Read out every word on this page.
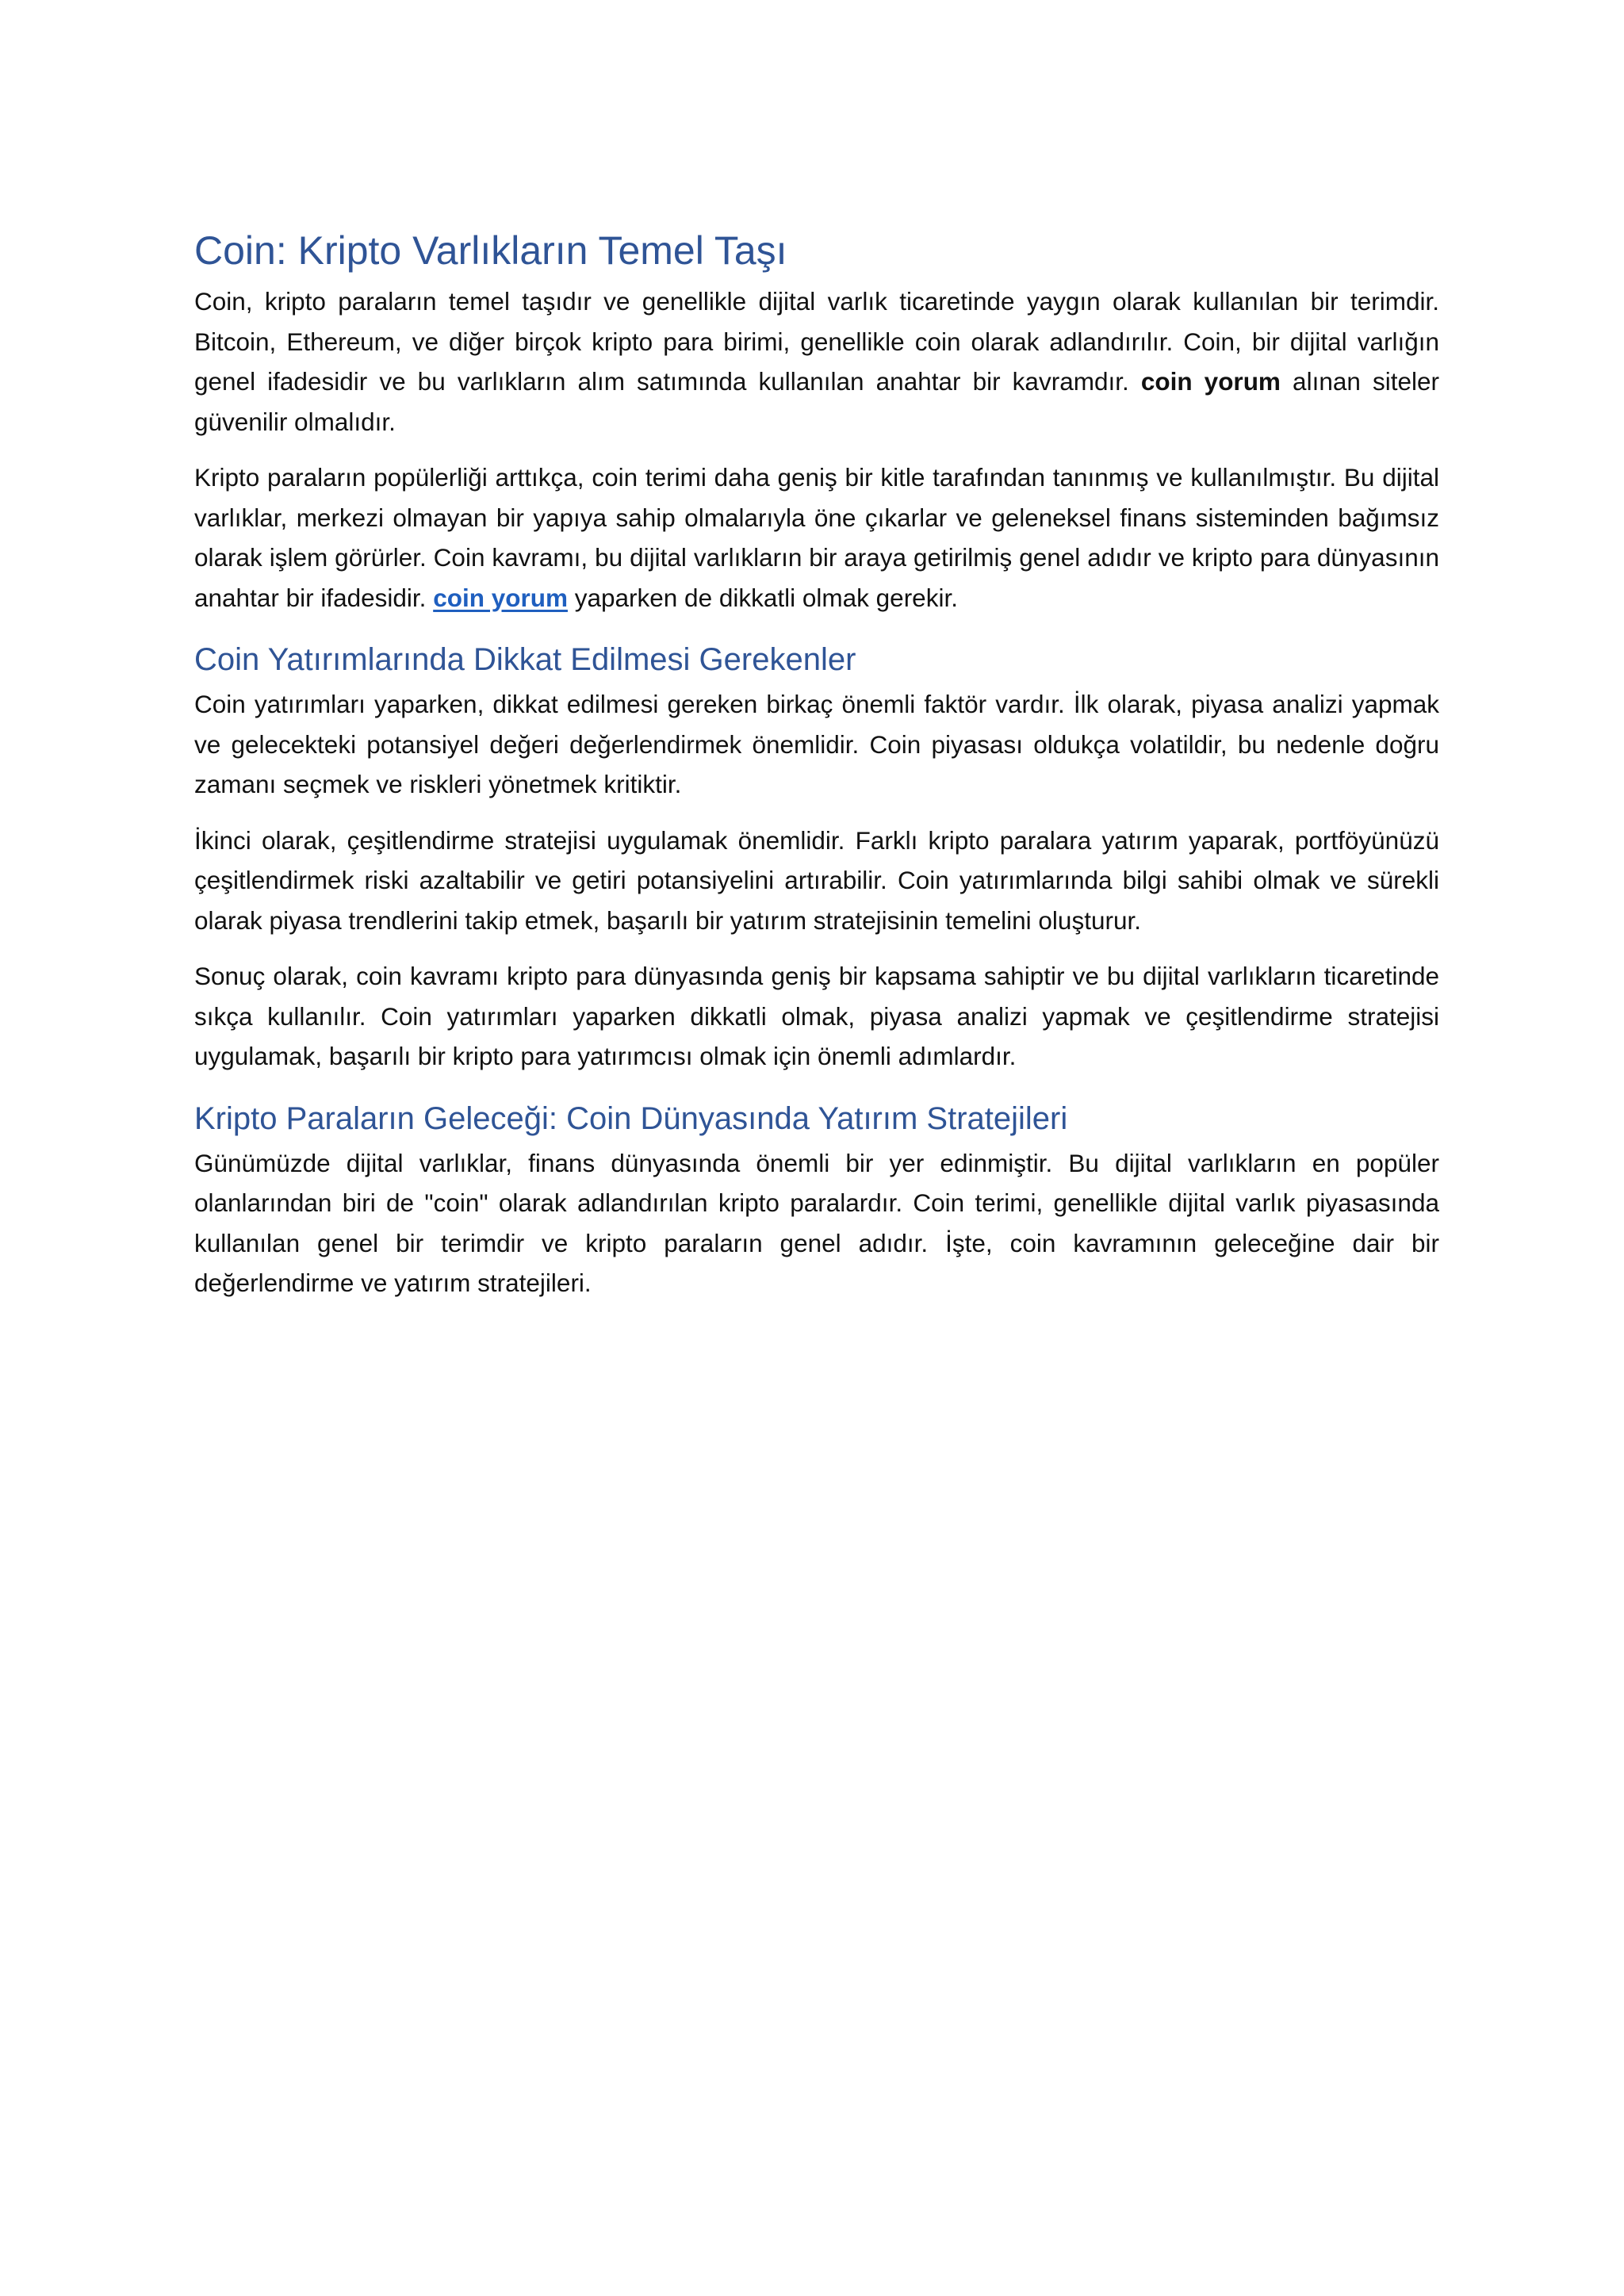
Coin: Kripto Varlıkların Temel Taşı

Coin, kripto paraların temel taşıdır ve genellikle dijital varlık ticaretinde yaygın olarak kullanılan bir terimdir. Bitcoin, Ethereum, ve diğer birçok kripto para birimi, genellikle coin olarak adlandırılır. Coin, bir dijital varlığın genel ifadesidir ve bu varlıkların alım satımında kullanılan anahtar bir kavramdır. coin yorum alınan siteler güvenilir olmalıdır.

Kripto paraların popülerliği arttıkça, coin terimi daha geniş bir kitle tarafından tanınmış ve kullanılmıştır. Bu dijital varlıklar, merkezi olmayan bir yapıya sahip olmalarıyla öne çıkarlar ve geleneksel finans sisteminden bağımsız olarak işlem görürler. Coin kavramı, bu dijital varlıkların bir araya getirilmiş genel adıdır ve kripto para dünyasının anahtar bir ifadesidir. coin yorum yaparken de dikkatli olmak gerekir.

Coin Yatırımlarında Dikkat Edilmesi Gerekenler

Coin yatırımları yaparken, dikkat edilmesi gereken birkaç önemli faktör vardır. İlk olarak, piyasa analizi yapmak ve gelecekteki potansiyel değeri değerlendirmek önemlidir. Coin piyasası oldukça volatildir, bu nedenle doğru zamanı seçmek ve riskleri yönetmek kritiktir.

İkinci olarak, çeşitlendirme stratejisi uygulamak önemlidir. Farklı kripto paralara yatırım yaparak, portföyünüzü çeşitlendirmek riski azaltabilir ve getiri potansiyelini artırabilir. Coin yatırımlarında bilgi sahibi olmak ve sürekli olarak piyasa trendlerini takip etmek, başarılı bir yatırım stratejisinin temelini oluşturur.

Sonuç olarak, coin kavramı kripto para dünyasında geniş bir kapsama sahiptir ve bu dijital varlıkların ticaretinde sıkça kullanılır. Coin yatırımları yaparken dikkatli olmak, piyasa analizi yapmak ve çeşitlendirme stratejisi uygulamak, başarılı bir kripto para yatırımcısı olmak için önemli adımlardır.

Kripto Paraların Geleceği: Coin Dünyasında Yatırım Stratejileri

Günümüzde dijital varlıklar, finans dünyasında önemli bir yer edinmiştir. Bu dijital varlıkların en popüler olanlarından biri de "coin" olarak adlandırılan kripto paralardır. Coin terimi, genellikle dijital varlık piyasasında kullanılan genel bir terimdir ve kripto paraların genel adıdır. İşte, coin kavramının geleceğine dair bir değerlendirme ve yatırım stratejileri.
